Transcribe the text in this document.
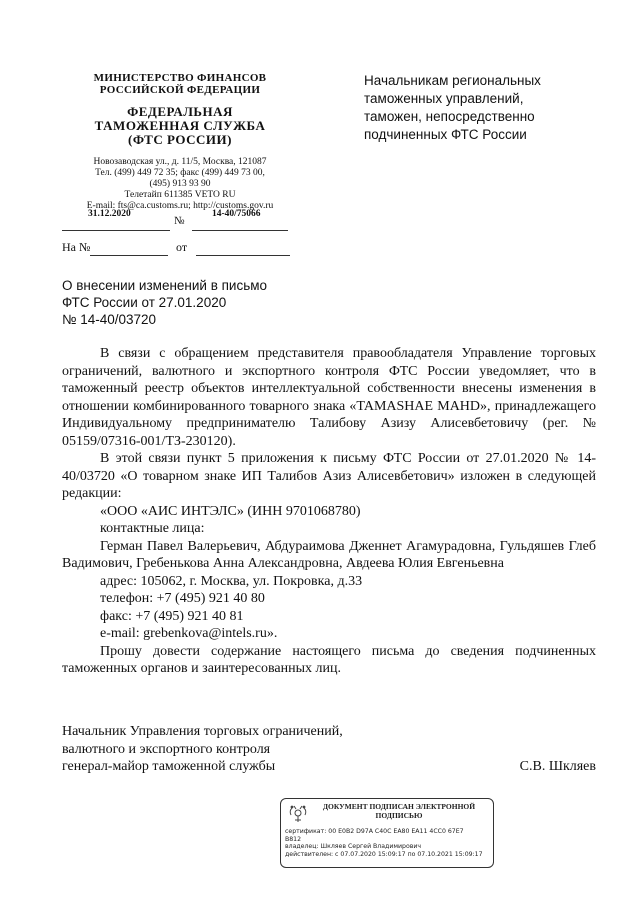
МИНИСТЕРСТВО ФИНАНСОВ
РОССИЙСКОЙ ФЕДЕРАЦИИ
ФЕДЕРАЛЬНАЯ
ТАМОЖЕННАЯ СЛУЖБА
(ФТС РОССИИ)
Новозаводская ул., д. 11/5, Москва, 121087
Тел. (499) 449 72 35; факс (499) 449 73 00,
(495) 913 93 90
Телетайп 611385 VETO RU
E-mail: fts@ca.customs.ru; http://customs.gov.ru
31.12.2020
№
14-40/75066
На №	от
Начальникам региональных
таможенных управлений,
таможен, непосредственно
подчиненных ФТС России
О внесении изменений в письмо
ФТС России от 27.01.2020
№ 14-40/03720

В связи с обращением представителя правообладателя Управление торговых ограничений, валютного и экспортного контроля ФТС России уведомляет, что в таможенный реестр объектов интеллектуальной собственности внесены изменения в отношении комбинированного товарного знака «TAMASHAE MAHD», принадлежащего Индивидуальному предпринимателю Талибову Азизу Алисевбетовичу (рег. № 05159/07316-001/ТЗ-230120).

В этой связи пункт 5 приложения к письму ФТС России от 27.01.2020 № 14-40/03720 «О товарном знаке ИП Талибов Азиз Алисевбетович» изложен в следующей редакции:

«ООО «АИС ИНТЭЛС» (ИНН 9701068780)

контактные лица:

Герман Павел Валерьевич, Абдураимова Дженнет Агамурадовна, Гульдяшев Глеб Вадимович, Гребенькова Анна Александровна, Авдеева Юлия Евгеньевна

адрес: 105062, г. Москва, ул. Покровка, д.33

телефон: +7 (495) 921 40 80

факс: +7 (495) 921 40 81

e-mail: grebenkova@intels.ru».

Прошу довести содержание настоящего письма до сведения подчиненных таможенных органов и заинтересованных лиц.

Начальник Управления торговых ограничений,
валютного и экспортного контроля
генерал-майор таможенной службы	С.В. Шкляев
ДОКУМЕНТ ПОДПИСАН ЭЛЕКТРОННОЙ ПОДПИСЬЮ
сертификат: 00 E0B2 D97A C40C EA80 EA11 4CC0 67E7
B812
владелец: Шкляев Сергей Владимирович
действителен: с 07.07.2020 15:09:17 по 07.10.2021 15:09:17
